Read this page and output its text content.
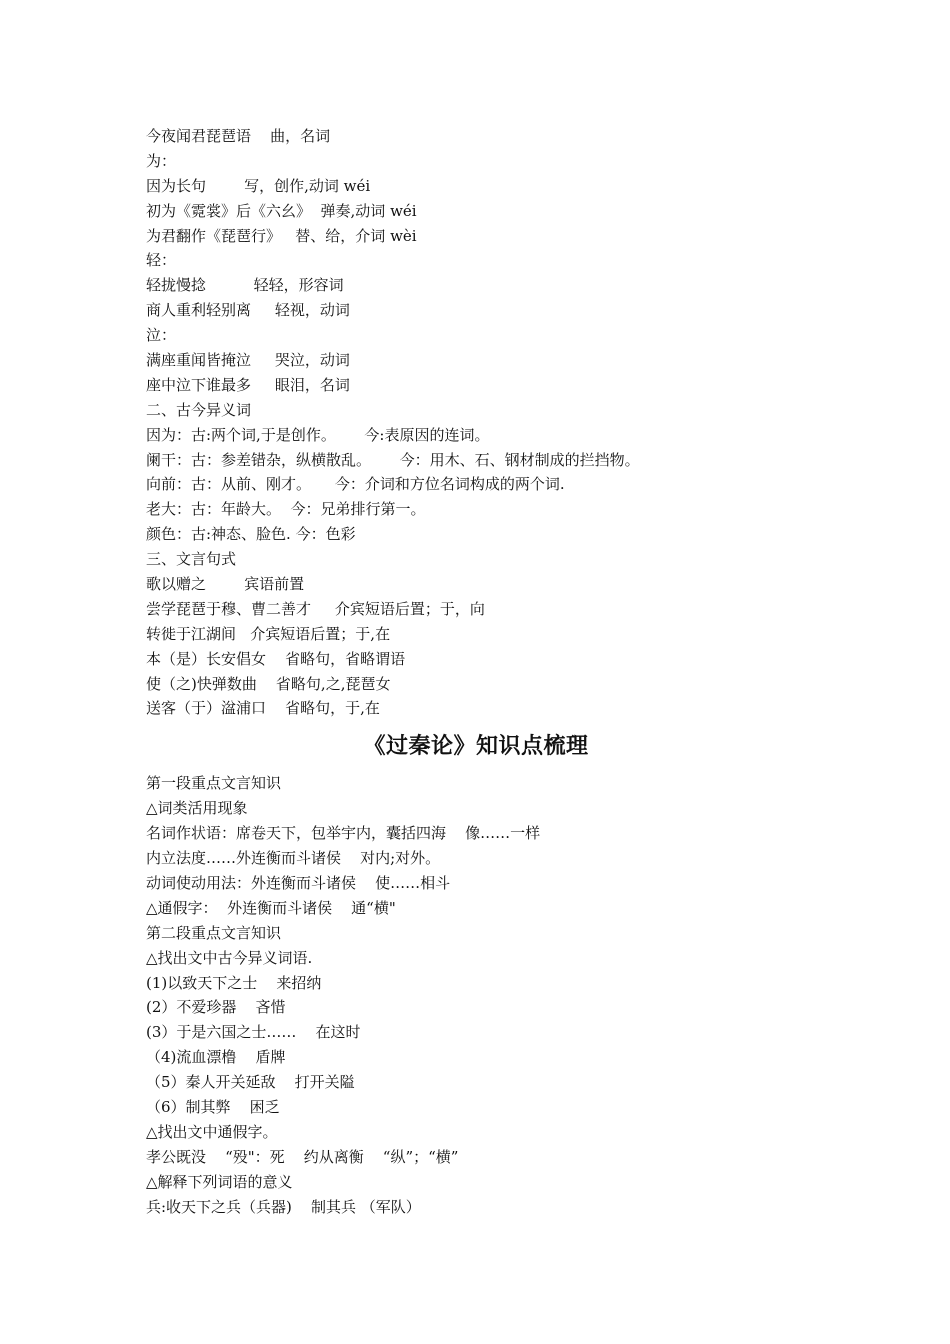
今夜闻君琵琶语    曲，名词
为：
因为长句        写，创作,动词 wéi
初为《霓裳》后《六幺》  弹奏,动词 wéi
为君翻作《琵琶行》   替、给，介词 wèi
轻：
轻拢慢捻          轻轻，形容词
商人重利轻别离     轻视，动词
泣：
满座重闻皆掩泣     哭泣，动词
座中泣下谁最多     眼泪，名词
二、古今异义词
因为：古:两个词,于是创作。      今:表原因的连词。
阑干：古：参差错杂，纵横散乱。      今：用木、石、钢材制成的拦挡物。
向前：古：从前、刚才。     今：介词和方位名词构成的两个词.
老大：古：年龄大。  今：兄弟排行第一。
颜色：古:神态、脸色. 今：色彩
三、文言句式
歌以赠之        宾语前置
尝学琵琶于穆、曹二善才     介宾短语后置；于，向
转徙于江湖间   介宾短语后置；于,在
本（是）长安倡女    省略句，省略谓语
使（之)快弹数曲    省略句,之,琵琶女
送客（于）湓浦口    省略句，于,在
《过秦论》知识点梳理
第一段重点文言知识
△词类活用现象
名词作状语：席卷天下，包举宇内，囊括四海    像……一样
内立法度……外连衡而斗诸侯    对内;对外。
动词使动用法：外连衡而斗诸侯    使……相斗
△通假字：  外连衡而斗诸侯    通“横"
第二段重点文言知识
△找出文中古今异义词语.
(1)以致天下之士    来招纳
(2）不爱珍器    吝惜
(3）于是六国之士……    在这时
（4)流血漂橹    盾牌
（5）秦人开关延敌    打开关隘
（6）制其弊    困乏
△找出文中通假字。
孝公既没    “殁"：死    约从离衡    “纵”；“横”
△解释下列词语的意义
兵:收天下之兵（兵器)    制其兵 （军队）
